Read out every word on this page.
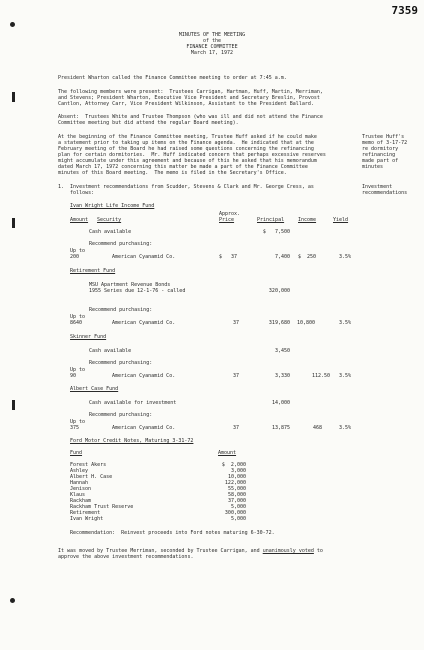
7359
MINUTES OF THE MEETING
of the
FINANCE COMMITTEE
March 17, 1972
President Wharton called the Finance Committee meeting to order at 7:45 a.m.
The following members were present:  Trustees Carrigan, Hartman, Huff, Martin, Merriman,
and Stevens; President Wharton, Executive Vice President and Secretary Breslin, Provost
Cantlon, Attorney Carr, Vice President Wilkinson, Assistant to the President Ballard.
Absent:  Trustees White and Trustee Thompson (who was ill and did not attend the Finance
Committee meeting but did attend the regular Board meeting).
At the beginning of the Finance Committee meeting, Trustee Huff asked if he could make
a statement prior to taking up items on the Finance agenda.  He indicated that at the
February meeting of the Board he had raised some questions concerning the refinancing
plan for certain dormitories.  Mr. Huff indicated concern that perhaps excessive reserves
might accumulate under this agreement and because of this he asked that his memorandum
dated March 17, 1972 concerning this matter be made a part of the Finance Committee
minutes of this Board meeting.  The memo is filed in the Secretary's Office.
Trustee Huff's
memo of 3-17-72
re dormitory
refinancing
made part of
minutes
1.  Investment recommendations from Scudder, Stevens & Clark and Mr. George Cress, as
follows:
Investment
recommendations
Ivan Wright Life Income Fund
Approx.
Amount Security	Price	Principal	Income	Yield
Cash available	$   7,500
Recommend purchasing:
Up to
200	American Cyanamid Co.	$   37	7,400 $  250	3.5%
Retirement Fund
MSU Apartment Revenue Bonds
1955 Series due 12-1-76 - called	320,000
Recommend purchasing:
Up to
8640	American Cyanamid Co.	37	319,680 10,800	3.5%
Skinner Fund
Cash available	3,450
Recommend purchasing:
Up to
90	American Cyanamid Co.	37	3,330	112.50	3.5%
Albert Case Fund
Cash available for investment	14,000
Recommend purchasing:
Up to
375	American Cyanamid Co.	37	13,875	468	3.5%
Ford Motor Credit Notes, Maturing 3-31-72
Fund	Amount
Forest Akers	$  2,000
Ashley	3,000
Albert H. Case	10,000
Hannah	122,000
Jenison	55,000
Klaus	58,000
Rackham	37,000
Rackham Trust Reserve	5,000
Retirement	300,000
Ivan Wright	5,000
Recommendation:  Reinvest proceeds into Ford notes maturing 6-30-72.
It was moved by Trustee Merriman, seconded by Trustee Carrigan, and unanimously voted to
approve the above investment recommendations.
